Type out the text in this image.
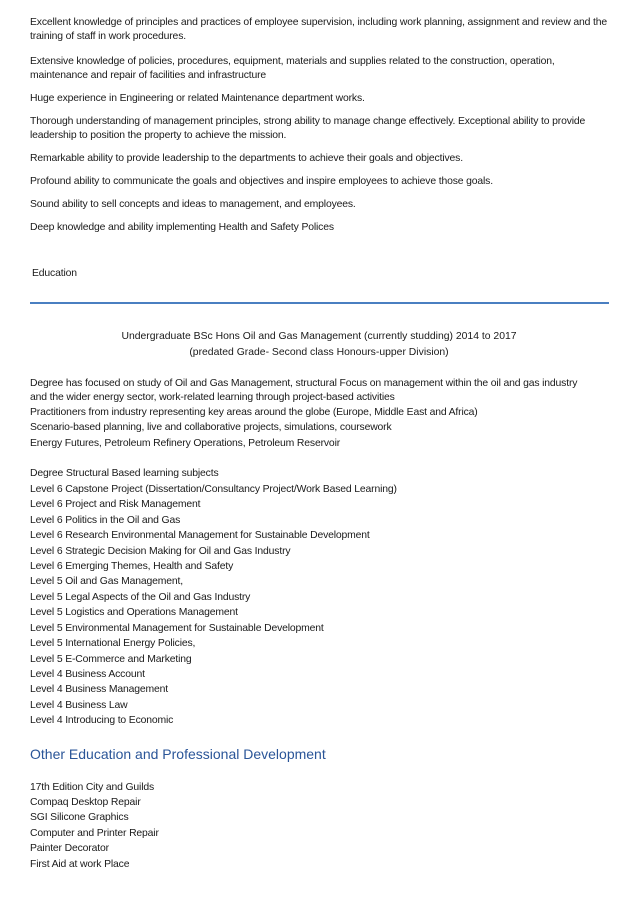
Excellent knowledge of principles and practices of employee supervision, including work planning, assignment and review and the training of staff in work procedures.

Extensive knowledge of policies, procedures, equipment, materials and supplies related to the construction, operation, maintenance and repair of facilities and infrastructure

Huge experience in Engineering or related Maintenance department works.

Thorough understanding of management principles, strong ability to manage change effectively. Exceptional ability to provide leadership to position the property to achieve the mission.

Remarkable ability to provide leadership to the departments to achieve their goals and objectives.

Profound ability to communicate the goals and objectives and inspire employees to achieve those goals.

Sound ability to sell concepts and ideas to management, and employees.

Deep knowledge and ability implementing Health and Safety Polices

Education

Undergraduate BSc Hons Oil and Gas Management (currently studding) 2014 to 2017

(predated Grade- Second class Honours-upper Division)

Degree has focused on study of Oil and Gas Management, structural Focus on management within the oil and gas industry

and the wider energy sector, work-related learning through project-based activities

Practitioners from industry representing key areas around the globe (Europe, Middle East and Africa)

Scenario-based planning, live and collaborative projects, simulations, coursework

Energy Futures, Petroleum Refinery Operations, Petroleum Reservoir

Degree Structural Based learning subjects

Level 6 Capstone Project (Dissertation/Consultancy Project/Work Based Learning)

Level 6 Project and Risk Management

Level 6 Politics in the Oil and Gas

Level 6 Research Environmental Management for Sustainable Development

Level 6 Strategic Decision Making for Oil and Gas Industry

Level 6 Emerging Themes, Health and Safety

Level 5 Oil and Gas Management,

Level 5 Legal Aspects of the Oil and Gas Industry

Level 5 Logistics and Operations Management

Level 5 Environmental Management for Sustainable Development

Level 5 International Energy Policies,

Level 5 E-Commerce and Marketing

Level 4 Business Account

Level 4 Business Management

Level 4 Business Law

Level 4 Introducing to Economic

Other Education and Professional Development

17th Edition City and Guilds

Compaq Desktop Repair

SGI Silicone Graphics

Computer and Printer Repair

Painter Decorator

First Aid at work Place
